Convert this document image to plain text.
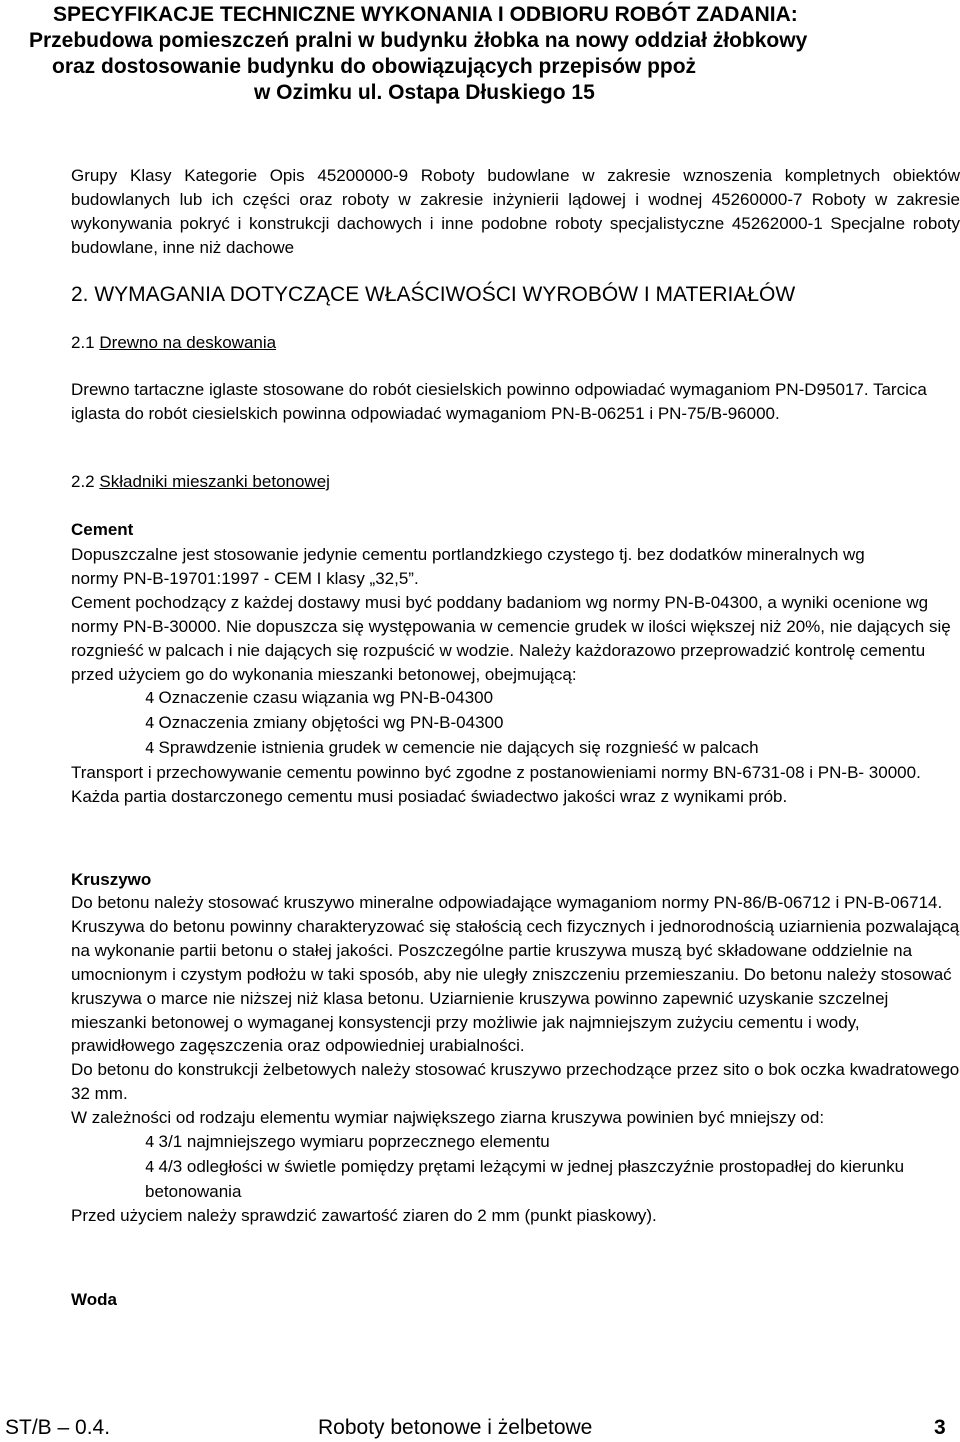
SPECYFIKACJE TECHNICZNE WYKONANIA I ODBIORU ROBÓT ZADANIA:
Przebudowa pomieszczeń pralni w budynku żłobka na nowy oddział żłobkowy
oraz dostosowanie budynku do obowiązujących przepisów ppoż
w Ozimku ul. Ostapa Dłuskiego 15

Grupy Klasy Kategorie Opis 45200000-9 Roboty budowlane w zakresie wznoszenia kompletnych obiektów budowlanych lub ich części oraz roboty w zakresie inżynierii lądowej i wodnej 45260000-7 Roboty w zakresie wykonywania pokryć i konstrukcji dachowych i inne podobne roboty specjalistyczne 45262000-1 Specjalne roboty budowlane, inne niż dachowe

2. WYMAGANIA DOTYCZĄCE WŁAŚCIWOŚCI WYROBÓW I MATERIAŁÓW
2.1 Drewno na deskowania

Drewno tartaczne iglaste stosowane do robót ciesielskich powinno odpowiadać wymaganiom PN-D95017. Tarcica iglasta do robót ciesielskich powinna odpowiadać wymaganiom PN-B-06251 i PN-75/B-96000.

2.2 Składniki mieszanki betonowej
Cement

Dopuszczalne jest stosowanie jedynie cementu portlandzkiego czystego tj. bez dodatków mineralnych wg normy PN-B-19701:1997 - CEM I klasy „32,5”.

Cement pochodzący z każdej dostawy musi być poddany badaniom wg normy PN-B-04300, a wyniki ocenione wg normy PN-B-30000. Nie dopuszcza się występowania w cemencie grudek w ilości większej niż 20%, nie dających się rozgnieść w palcach i nie dających się rozpuścić w wodzie. Należy każdorazowo przeprowadzić kontrolę cementu przed użyciem go do wykonania mieszanki betonowej, obejmującą:

4 Oznaczenie czasu wiązania wg PN-B-04300
4 Oznaczenia zmiany objętości wg PN-B-04300
4 Sprawdzenie istnienia grudek w cemencie nie dających się rozgnieść w palcach

Transport i przechowywanie cementu powinno być zgodne z postanowieniami normy BN-6731-08 i PN-B- 30000. Każda partia dostarczonego cementu musi posiadać świadectwo jakości wraz z wynikami prób.

Kruszywo

Do betonu należy stosować kruszywo mineralne odpowiadające wymaganiom normy PN-86/B-06712 i PN-B-06714. Kruszywa do betonu powinny charakteryzować się stałością cech fizycznych i jednorodnością uziarnienia pozwalającą na wykonanie partii betonu o stałej jakości. Poszczególne partie kruszywa muszą być składowane oddzielnie na umocnionym i czystym podłożu w taki sposób, aby nie uległy zniszczeniu przemieszaniu. Do betonu należy stosować kruszywa o marce nie niższej niż klasa betonu. Uziarnienie kruszywa powinno zapewnić uzyskanie szczelnej mieszanki betonowej o wymaganej konsystencji przy możliwie jak najmniejszym zużyciu cementu i wody, prawidłowego zagęszczenia oraz odpowiedniej urabialności.

Do betonu do konstrukcji żelbetowych należy stosować kruszywo przechodzące przez sito o bok oczka kwadratowego 32 mm.

W zależności od rodzaju elementu wymiar największego ziarna kruszywa powinien być mniejszy od:

4 3/1 najmniejszego wymiaru poprzecznego elementu
4 4/3 odległości w świetle pomiędzy prętami leżącymi w jednej płaszczyźnie prostopadłej do kierunku betonowania

Przed użyciem należy sprawdzić zawartość ziaren do 2 mm (punkt piaskowy).

Woda
ST/B – 0.4.	Roboty betonowe i żelbetowe	3
